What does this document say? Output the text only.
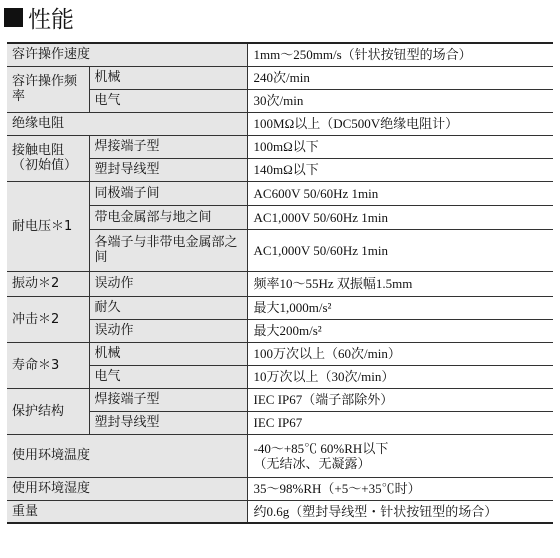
性能
容许操作速度		1mm～250mm/s（针状按钮型的场合）
容许操作频率	机械	240次/min
	电气	30次/min
绝缘电阻		100MΩ以上（DC500V绝缘电阻计）
接触电阻（初始值）	焊接端子型	100mΩ以下
	塑封导线型	140mΩ以下
耐电压＊1	同极端子间	AC600V 50/60Hz 1min
	带电金属部与地之间	AC1,000V 50/60Hz 1min
	各端子与非带电金属部之间	AC1,000V 50/60Hz 1min
振动＊2	误动作	频率10～55Hz 双振幅1.5mm
冲击＊2	耐久	最大1,000m/s²
	误动作	最大200m/s²
寿命＊3	机械	100万次以上（60次/min）
	电气	10万次以上（30次/min）
保护结构	焊接端子型	IEC IP67（端子部除外）
	塑封导线型	IEC IP67
使用环境温度		-40～+85℃ 60%RH以下
（无结冰、无凝露）

使用环境湿度		35～98%RH（+5～+35℃时）
重量		约0.6g（塑封导线型・针状按钮型的场合）
